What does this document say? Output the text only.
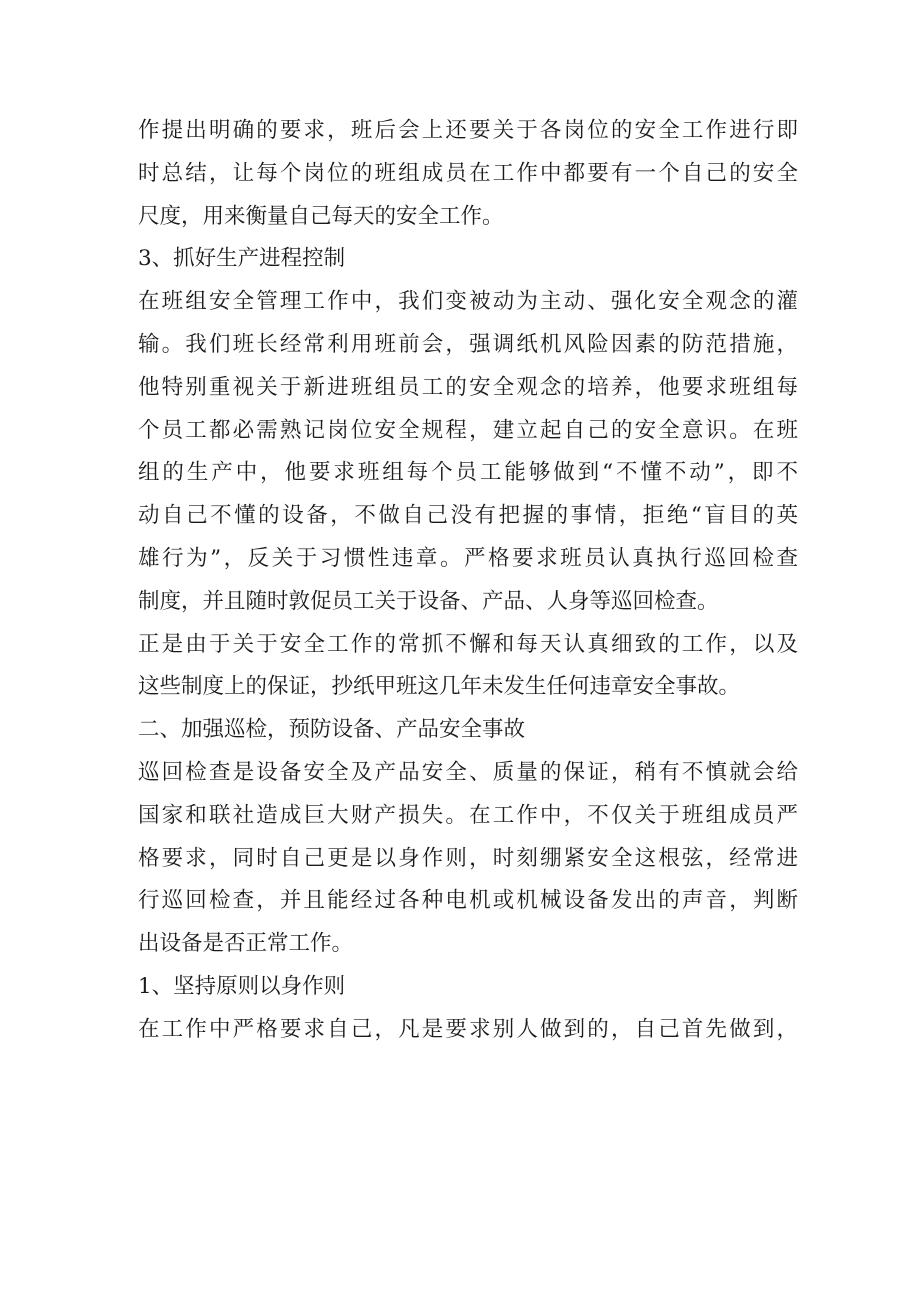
作提出明确的要求，班后会上还要关于各岗位的安全工作进行即
时总结，让每个岗位的班组成员在工作中都要有一个自己的安全
尺度，用来衡量自己每天的安全工作。
3、抓好生产进程控制
在班组安全管理工作中，我们变被动为主动、强化安全观念的灌
输。我们班长经常利用班前会，强调纸机风险因素的防范措施，
他特别重视关于新进班组员工的安全观念的培养，他要求班组每
个员工都必需熟记岗位安全规程，建立起自己的安全意识。在班
组的生产中，他要求班组每个员工能够做到“不懂不动”，即不
动自己不懂的设备，不做自己没有把握的事情，拒绝“盲目的英
雄行为”，反关于习惯性违章。严格要求班员认真执行巡回检查
制度，并且随时敦促员工关于设备、产品、人身等巡回检查。
正是由于关于安全工作的常抓不懈和每天认真细致的工作，以及
这些制度上的保证，抄纸甲班这几年未发生任何违章安全事故。
二、加强巡检，预防设备、产品安全事故
巡回检查是设备安全及产品安全、质量的保证，稍有不慎就会给
国家和联社造成巨大财产损失。在工作中，不仅关于班组成员严
格要求，同时自己更是以身作则，时刻绷紧安全这根弦，经常进
行巡回检查，并且能经过各种电机或机械设备发出的声音，判断
出设备是否正常工作。
1、坚持原则以身作则
在工作中严格要求自己，凡是要求别人做到的，自己首先做到，
